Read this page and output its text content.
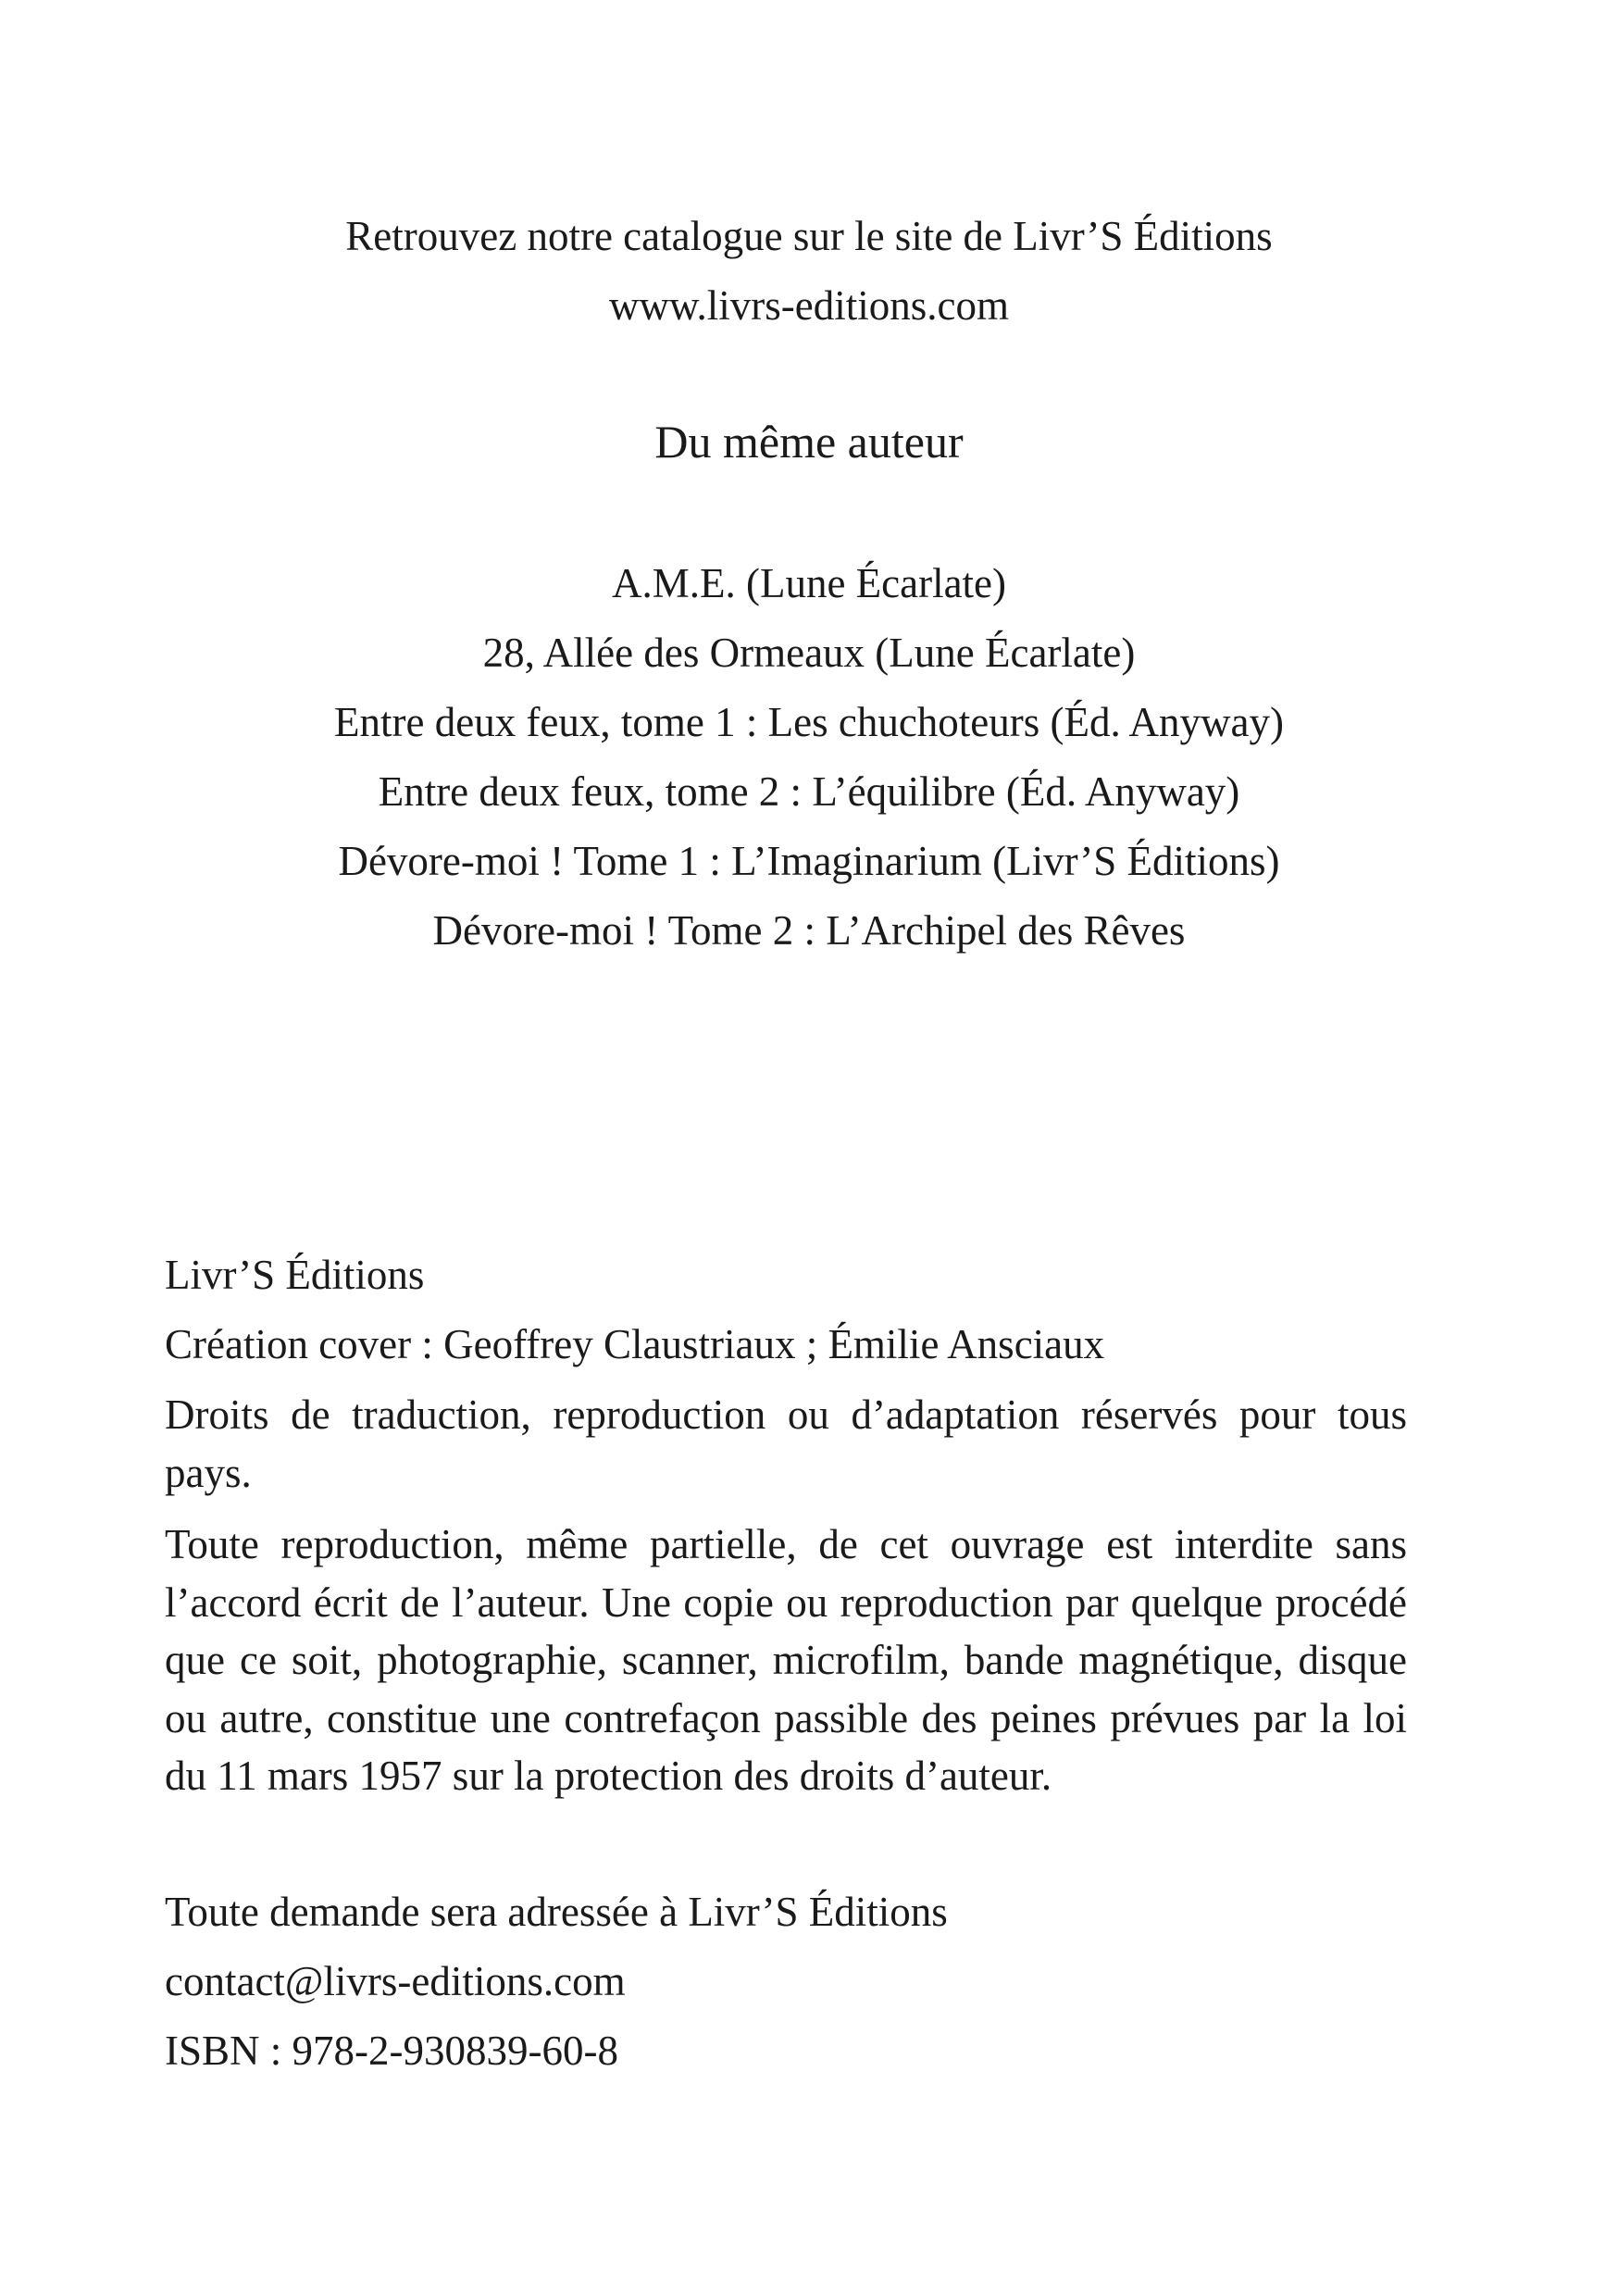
Retrouvez notre catalogue sur le site de Livr’S Éditions
www.livrs-editions.com
Du même auteur
A.M.E. (Lune Écarlate)
28, Allée des Ormeaux (Lune Écarlate)
Entre deux feux, tome 1 : Les chuchoteurs (Éd. Anyway)
Entre deux feux, tome 2 : L’équilibre (Éd. Anyway)
Dévore-moi ! Tome 1 : L’Imaginarium (Livr’S Éditions)
Dévore-moi ! Tome 2 : L’Archipel des Rêves
Livr’S Éditions
Création cover : Geoffrey Claustriaux ; Émilie Ansciaux
Droits de traduction, reproduction ou d’adaptation réservés pour tous pays.
Toute reproduction, même partielle, de cet ouvrage est interdite sans l’accord écrit de l’auteur. Une copie ou reproduction par quelque procédé que ce soit, photographie, scanner, microfilm, bande magnétique, disque ou autre, constitue une contrefaçon passible des peines prévues par la loi du 11 mars 1957 sur la protection des droits d’auteur.
Toute demande sera adressée à Livr’S Éditions
contact@livrs-editions.com
ISBN : 978-2-930839-60-8
